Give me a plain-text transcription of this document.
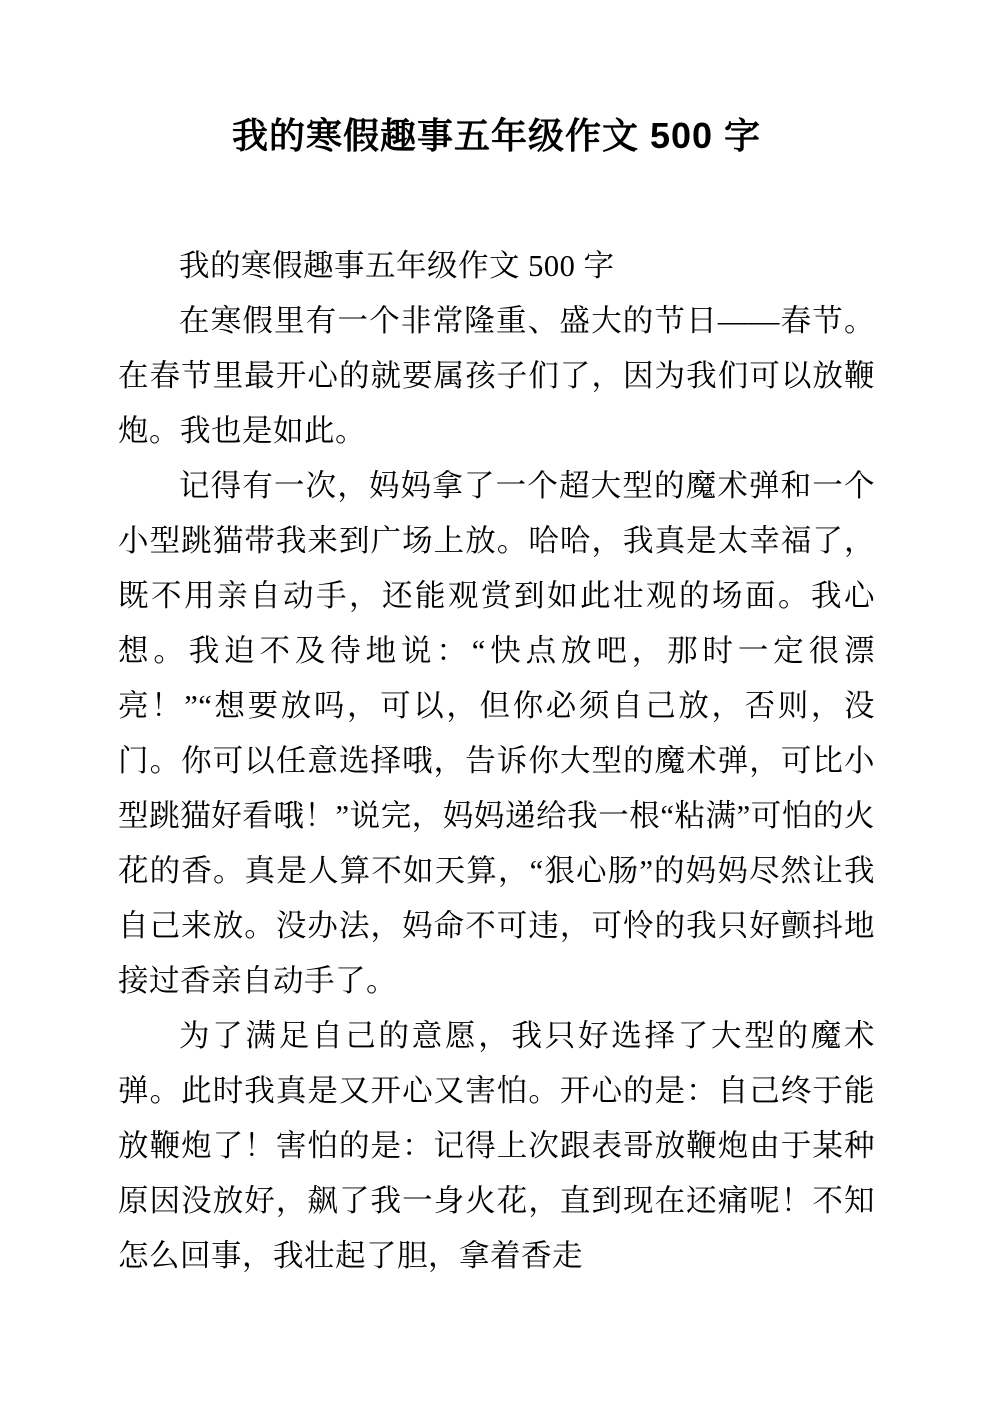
我的寒假趣事五年级作文 500 字

我的寒假趣事五年级作文 500 字

在寒假里有一个非常隆重、盛大的节日——春节。在春节里最开心的就要属孩子们了，因为我们可以放鞭炮。我也是如此。

记得有一次，妈妈拿了一个超大型的魔术弹和一个小型跳猫带我来到广场上放。哈哈，我真是太幸福了，既不用亲自动手，还能观赏到如此壮观的场面。我心想。我迫不及待地说：“快点放吧，那时一定很漂亮！”“想要放吗，可以，但你必须自己放，否则，没门。你可以任意选择哦，告诉你大型的魔术弹，可比小型跳猫好看哦！”说完，妈妈递给我一根“粘满”可怕的火花的香。真是人算不如天算，“狠心肠”的妈妈尽然让我自己来放。没办法，妈命不可违，可怜的我只好颤抖地接过香亲自动手了。

为了满足自己的意愿，我只好选择了大型的魔术弹。此时我真是又开心又害怕。开心的是：自己终于能放鞭炮了！害怕的是：记得上次跟表哥放鞭炮由于某种原因没放好，飙了我一身火花，直到现在还痛呢！不知怎么回事，我壮起了胆，拿着香走
